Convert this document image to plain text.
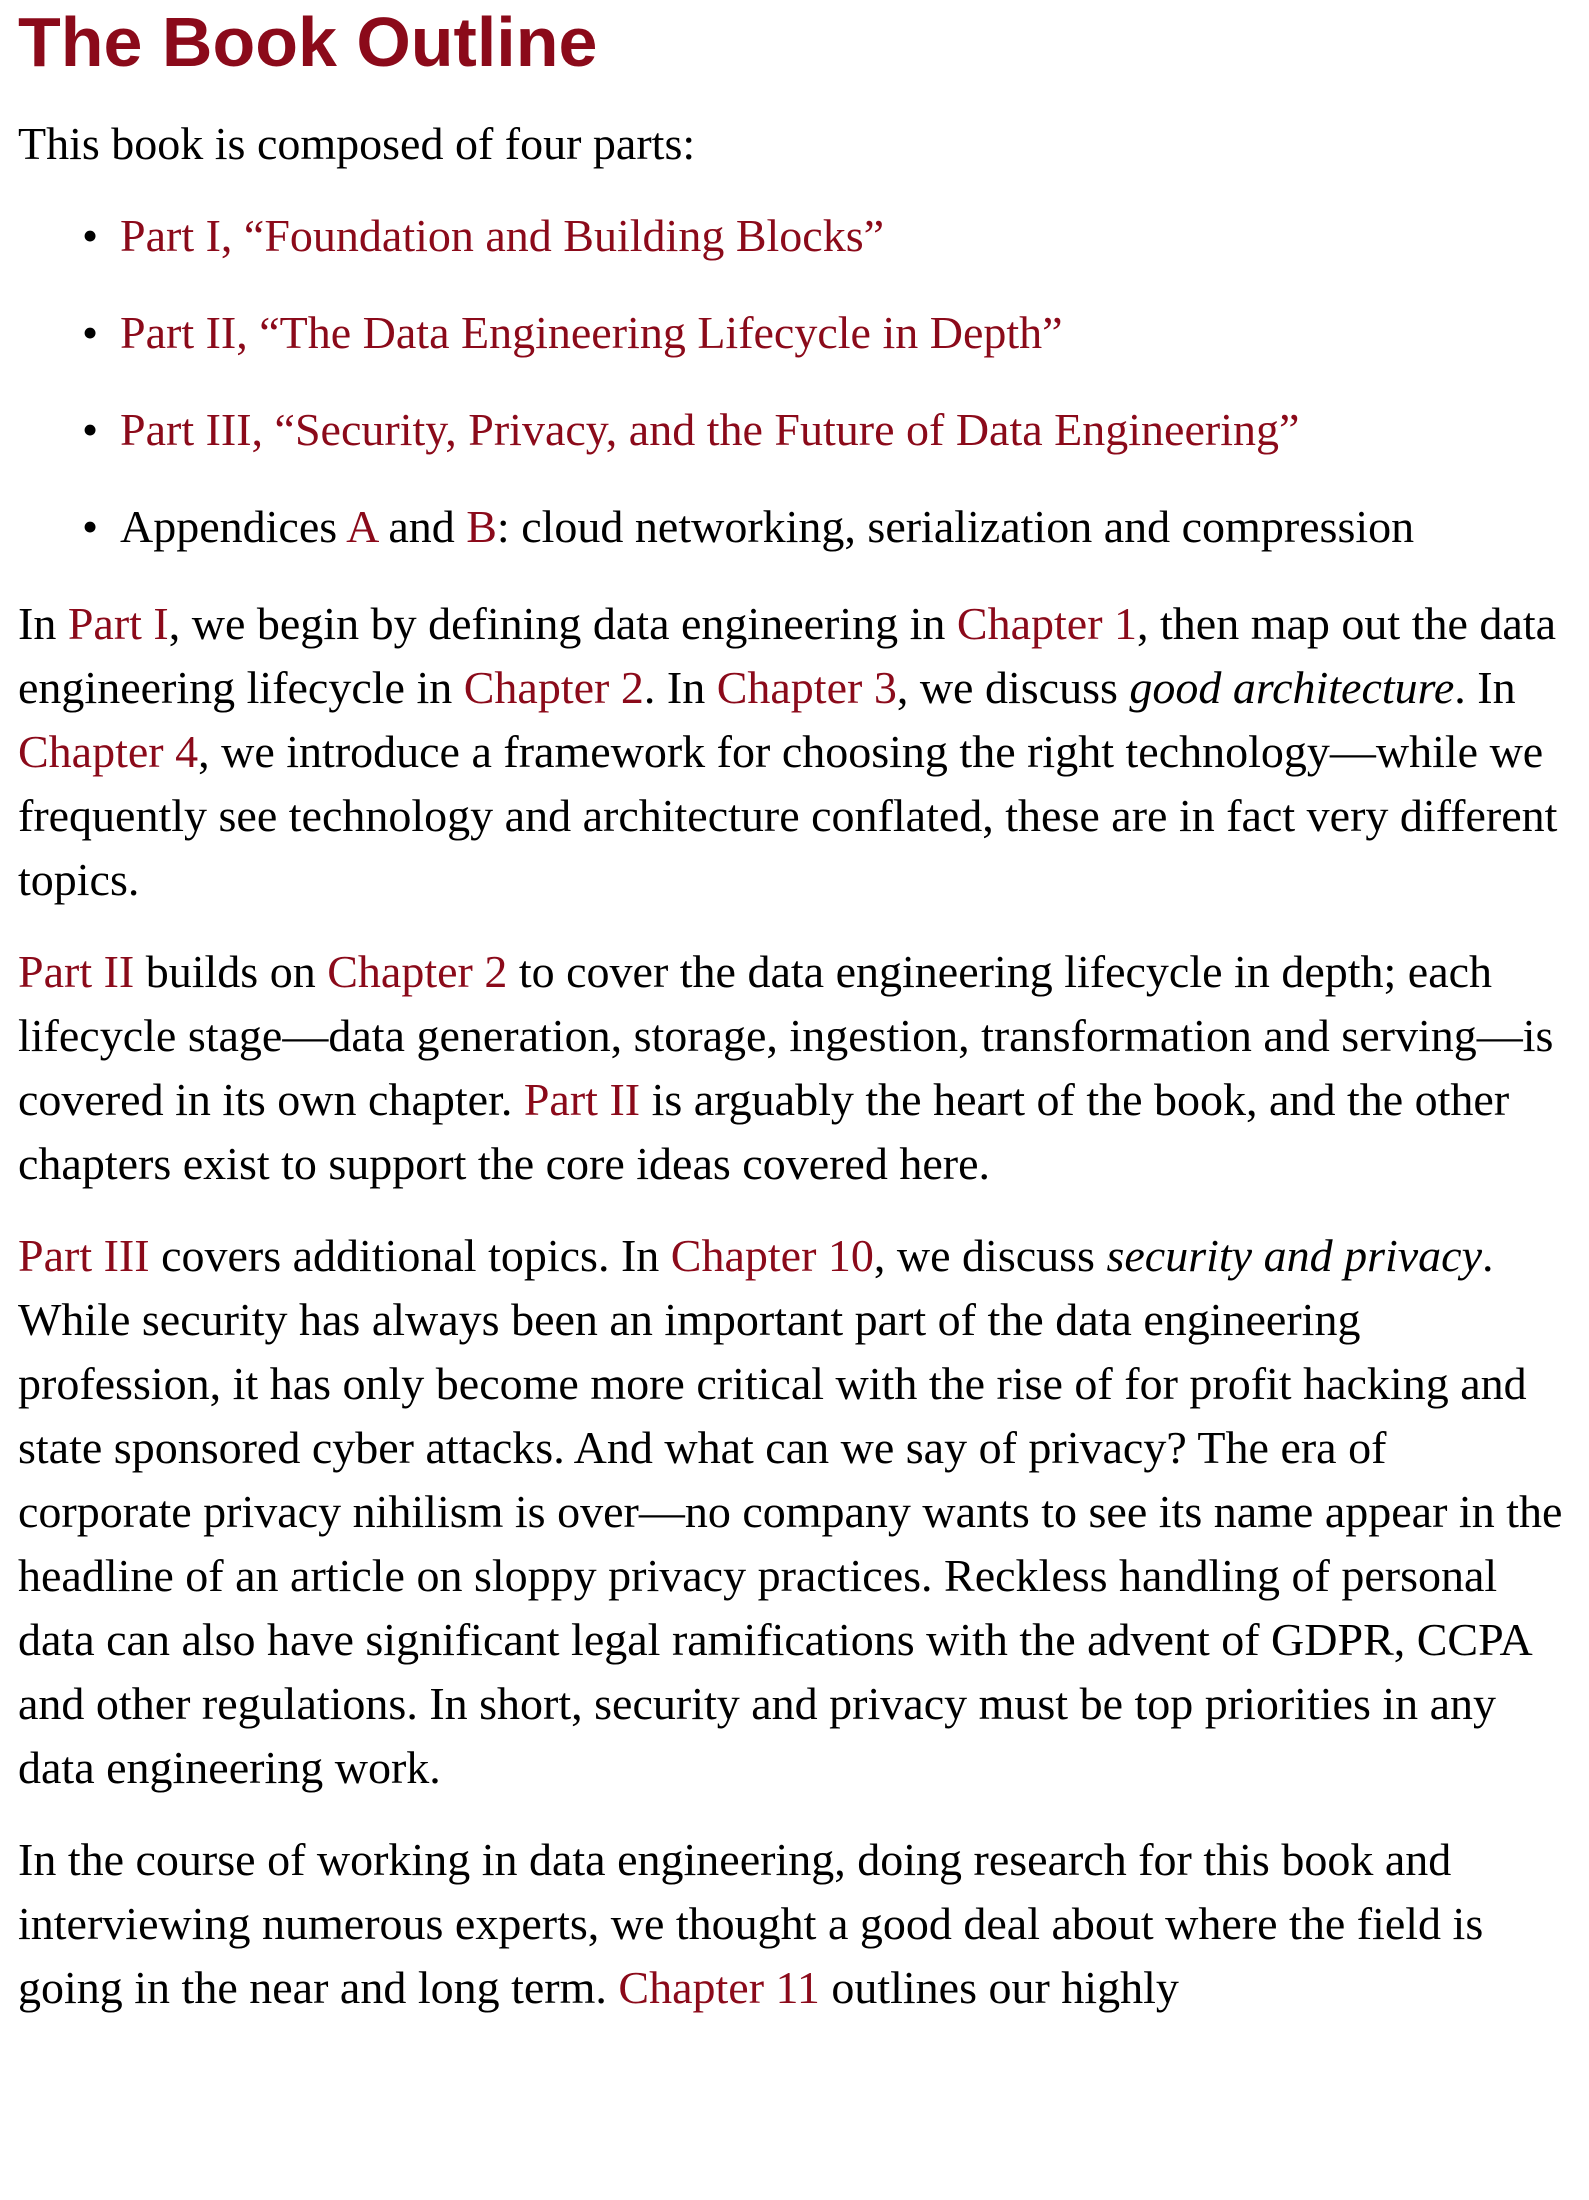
The Book Outline

This book is composed of four parts:

• Part I, “Foundation and Building Blocks”
• Part II, “The Data Engineering Lifecycle in Depth”
• Part III, “Security, Privacy, and the Future of Data Engineering”
• Appendices A and B: cloud networking, serialization and compression

In Part I, we begin by defining data engineering in Chapter 1, then map out the data engineering lifecycle in Chapter 2. In Chapter 3, we discuss good architecture. In Chapter 4, we introduce a framework for choosing the right technology—while we frequently see technology and architecture conflated, these are in fact very different topics.

Part II builds on Chapter 2 to cover the data engineering lifecycle in depth; each lifecycle stage—data generation, storage, ingestion, transformation and serving—is covered in its own chapter. Part II is arguably the heart of the book, and the other chapters exist to support the core ideas covered here.

Part III covers additional topics. In Chapter 10, we discuss security and privacy. While security has always been an important part of the data engineering profession, it has only become more critical with the rise of for profit hacking and state sponsored cyber attacks. And what can we say of privacy? The era of corporate privacy nihilism is over—no company wants to see its name appear in the headline of an article on sloppy privacy practices. Reckless handling of personal data can also have significant legal ramifications with the advent of GDPR, CCPA and other regulations. In short, security and privacy must be top priorities in any data engineering work.

In the course of working in data engineering, doing research for this book and interviewing numerous experts, we thought a good deal about where the field is going in the near and long term. Chapter 11 outlines our highly
